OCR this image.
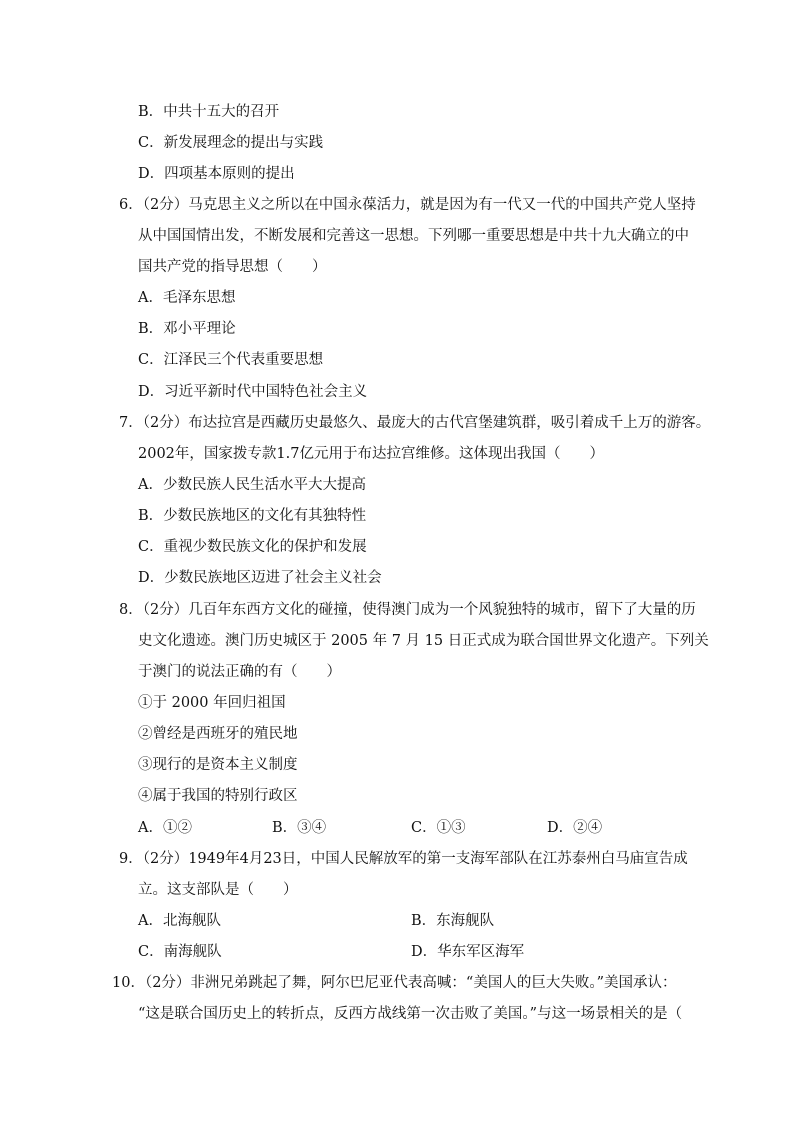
B．中共十五大的召开
C．新发展理念的提出与实践
D．四项基本原则的提出
6．（2分）马克思主义之所以在中国永葆活力，就是因为有一代又一代的中国共产党人坚持
从中国国情出发，不断发展和完善这一思想。下列哪一重要思想是中共十九大确立的中
国共产党的指导思想（　　）
A．毛泽东思想
B．邓小平理论
C．江泽民三个代表重要思想
D．习近平新时代中国特色社会主义
7．（2分）布达拉宫是西藏历史最悠久、最庞大的古代宫堡建筑群，吸引着成千上万的游客。
2002年，国家拨专款1.7亿元用于布达拉宫维修。这体现出我国（　　）
A．少数民族人民生活水平大大提高
B．少数民族地区的文化有其独特性
C．重视少数民族文化的保护和发展
D．少数民族地区迈进了社会主义社会
8．（2分）几百年东西方文化的碰撞，使得澳门成为一个风貌独特的城市，留下了大量的历
史文化遗迹。澳门历史城区于 2005 年 7 月 15 日正式成为联合国世界文化遗产。下列关
于澳门的说法正确的有（　　）
①于 2000 年回归祖国
②曾经是西班牙的殖民地
③现行的是资本主义制度
④属于我国的特别行政区
A．①②	B．③④	C．①③	D．②④
9．（2分）1949年4月23日，中国人民解放军的第一支海军部队在江苏泰州白马庙宣告成
立。这支部队是（　　）
A．北海舰队	B．东海舰队
C．南海舰队	D．华东军区海军
10．（2分）非洲兄弟跳起了舞，阿尔巴尼亚代表高喊：“美国人的巨大失败。”美国承认：
“这是联合国历史上的转折点，反西方战线第一次击败了美国。”与这一场景相关的是（
